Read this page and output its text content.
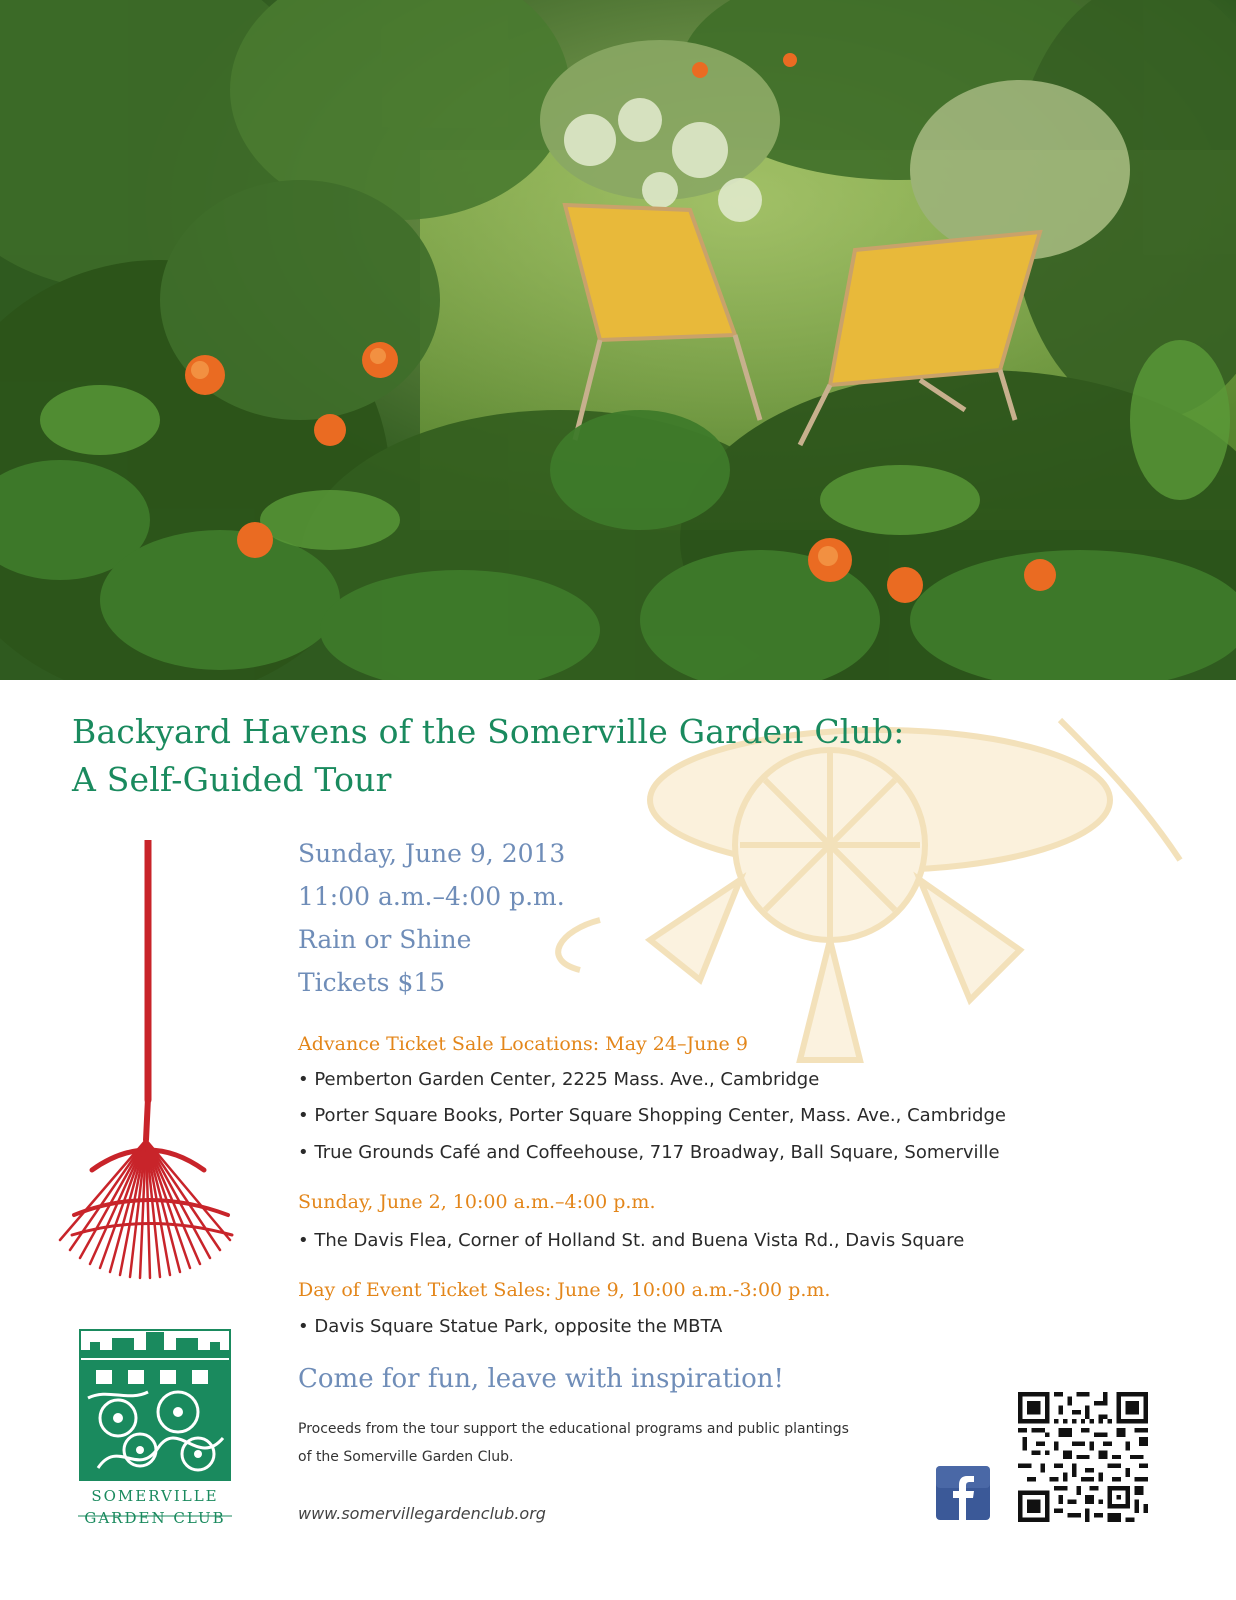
Backyard Havens of the Somerville Garden Club:
A Self-Guided Tour
Sunday, June 9, 2013
11:00 a.m.–4:00 p.m.
Rain or Shine
Tickets $15
Advance Ticket Sale Locations: May 24–June 9
• Pemberton Garden Center, 2225 Mass. Ave., Cambridge
• Porter Square Books, Porter Square Shopping Center, Mass. Ave., Cambridge
• True Grounds Café and Coffeehouse, 717 Broadway, Ball Square, Somerville
Sunday, June 2, 10:00 a.m.–4:00 p.m.
• The Davis Flea, Corner of Holland St. and Buena Vista Rd., Davis Square
Day of Event Ticket Sales: June 9, 10:00 a.m.-3:00 p.m.
• Davis Square Statue Park, opposite the MBTA
Come for fun, leave with inspiration!
Proceeds from the tour support the educational programs and public plantings
of the Somerville Garden Club.
www.somervillegardenclub.org
SOMERVILLE
GARDEN CLUB
